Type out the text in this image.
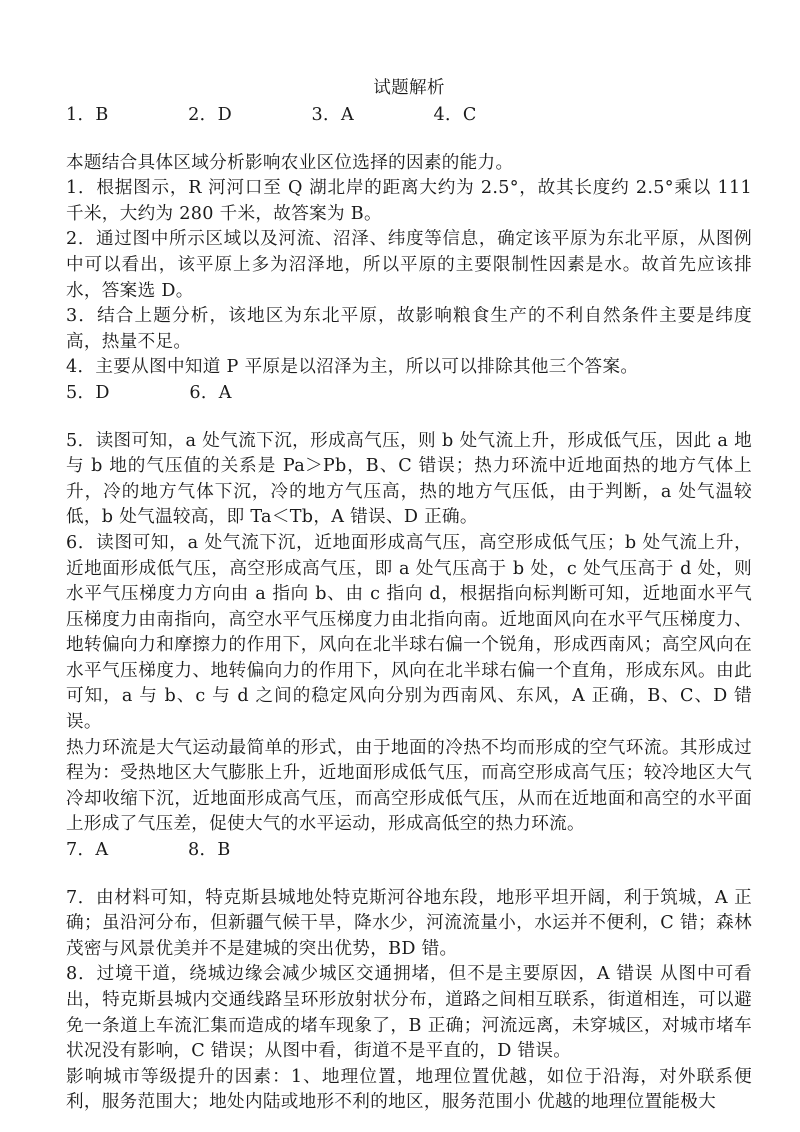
试题解析

1．B    2．D    3．A    4．C

本题结合具体区域分析影响农业区位选择的因素的能力。

1．根据图示，R 河河口至 Q 湖北岸的距离大约为 2.5°，故其长度约 2.5°乘以 111 千米，大约为 280 千米，故答案为 B。

2．通过图中所示区域以及河流、沼泽、纬度等信息，确定该平原为东北平原，从图例中可以看出，该平原上多为沼泽地，所以平原的主要限制性因素是水。故首先应该排水，答案选 D。

3．结合上题分析，该地区为东北平原，故影响粮食生产的不利自然条件主要是纬度高，热量不足。

4．主要从图中知道 P 平原是以沼泽为主，所以可以排除其他三个答案。

5．D    6．A

5．读图可知，a 处气流下沉，形成高气压，则 b 处气流上升，形成低气压，因此 a 地与 b 地的气压值的关系是 Pa＞Pb，B、C 错误；热力环流中近地面热的地方气体上升，冷的地方气体下沉，冷的地方气压高，热的地方气压低，由于判断，a 处气温较低，b 处气温较高，即 Ta＜Tb，A 错误、D 正确。

6．读图可知，a 处气流下沉，近地面形成高气压，高空形成低气压；b 处气流上升，近地面形成低气压，高空形成高气压，即 a 处气压高于 b 处，c 处气压高于 d 处，则水平气压梯度力方向由 a 指向 b、由 c 指向 d，根据指向标判断可知，近地面水平气压梯度力由南指向，高空水平气压梯度力由北指向南。近地面风向在水平气压梯度力、地转偏向力和摩擦力的作用下，风向在北半球右偏一个锐角，形成西南风；高空风向在水平气压梯度力、地转偏向力的作用下，风向在北半球右偏一个直角，形成东风。由此可知，a 与 b、c 与 d 之间的稳定风向分别为西南风、东风，A 正确，B、C、D 错误。

热力环流是大气运动最简单的形式，由于地面的冷热不均而形成的空气环流。其形成过程为：受热地区大气膨胀上升，近地面形成低气压，而高空形成高气压；较冷地区大气冷却收缩下沉，近地面形成高气压，而高空形成低气压，从而在近地面和高空的水平面上形成了气压差，促使大气的水平运动，形成高低空的热力环流。

7．A    8．B

7．由材料可知，特克斯县城地处特克斯河谷地东段，地形平坦开阔，利于筑城，A 正确；虽沿河分布，但新疆气候干旱，降水少，河流流量小，水运并不便利，C 错；森林茂密与风景优美并不是建城的突出优势，BD 错。

8．过境干道，绕城边缘会减少城区交通拥堵，但不是主要原因，A 错误 从图中可看出，特克斯县城内交通线路呈环形放射状分布，道路之间相互联系，街道相连，可以避免一条道上车流汇集而造成的堵车现象了，B 正确；河流远离，未穿城区，对城市堵车状况没有影响，C 错误；从图中看，街道不是平直的，D 错误。

影响城市等级提升的因素：1、地理位置，地理位置优越，如位于沿海，对外联系便利，服务范围大；地处内陆或地形不利的地区，服务范围小 优越的地理位置能极大
